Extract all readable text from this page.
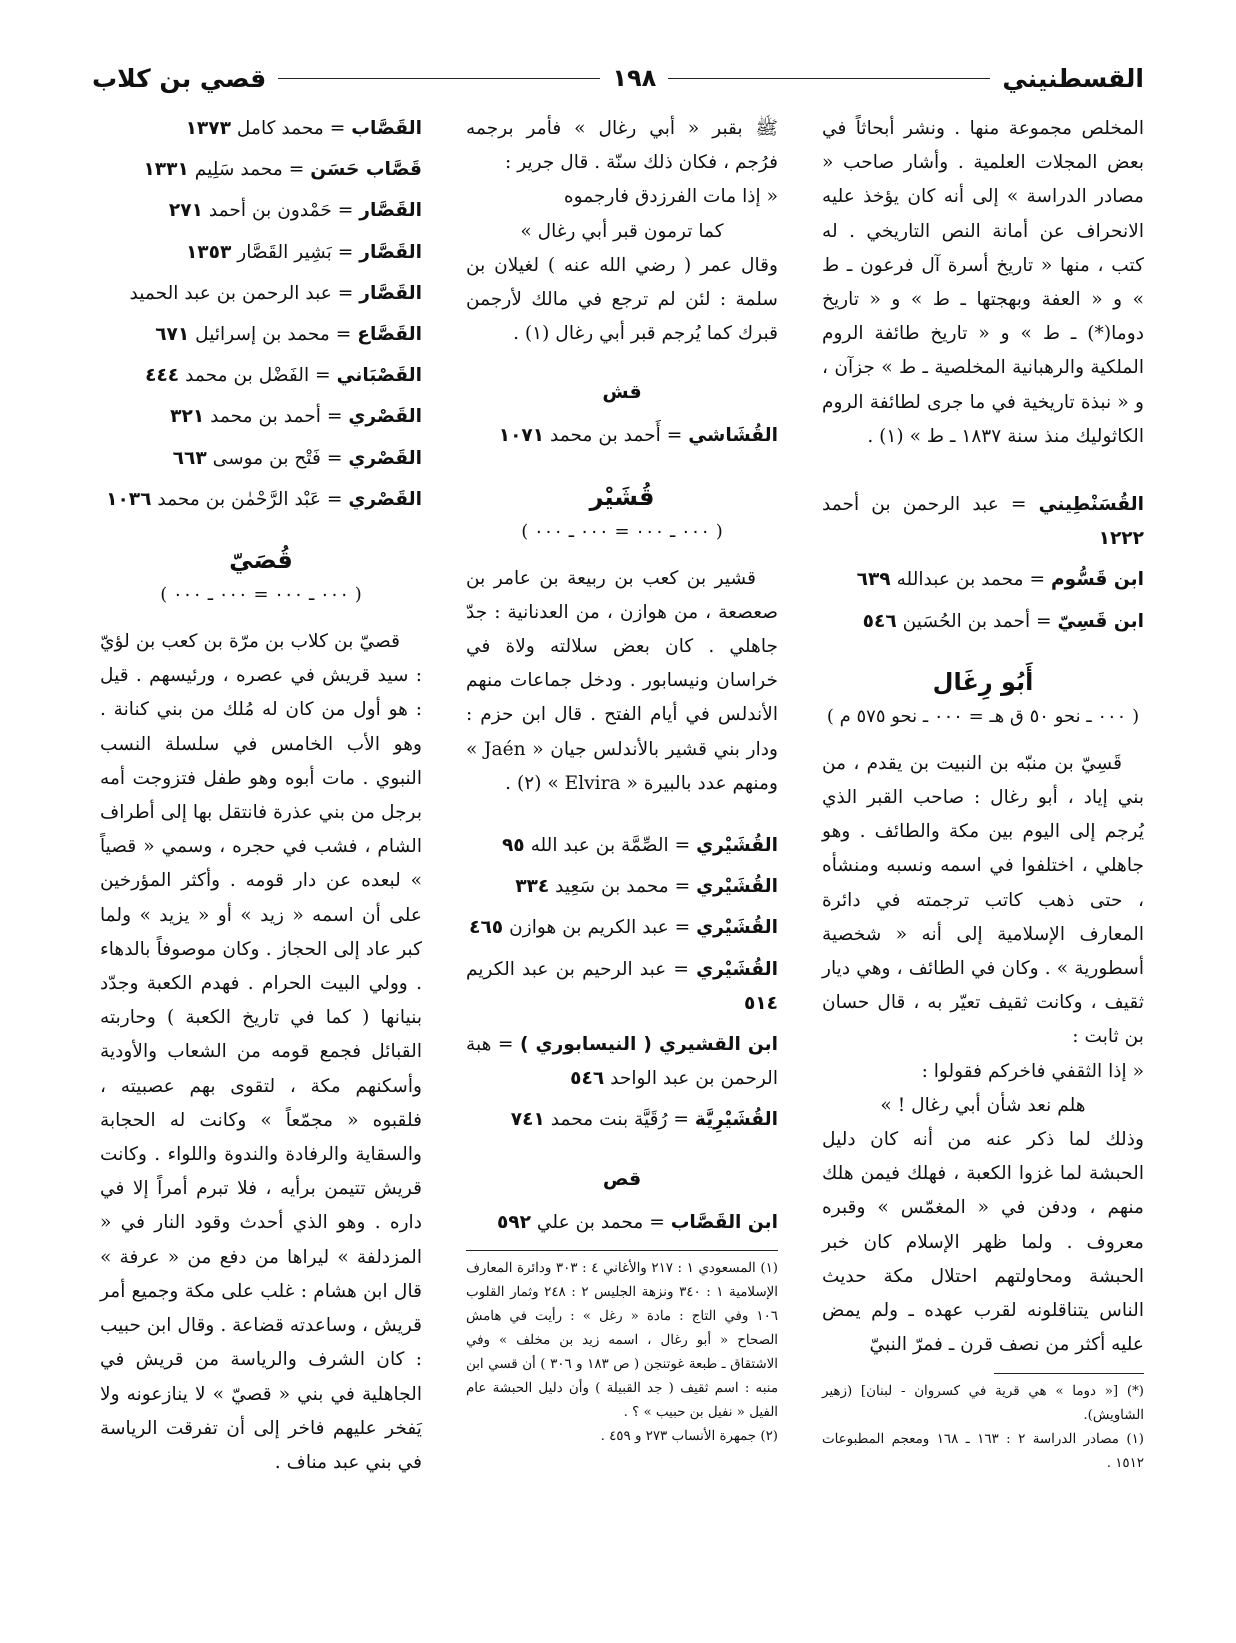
القسطنيني
١٩٨
قصي بن كلاب

المخلص مجموعة منها . ونشر أبحاثاً في بعض المجلات العلمية . وأشار صاحب « مصادر الدراسة » إلى أنه كان يؤخذ عليه الانحراف عن أمانة النص التاريخي . له كتب ، منها « تاريخ أسرة آل فرعون ـ ط » و « العفة وبهجتها ـ ط » و « تاريخ دوما(*) ـ ط » و « تاريخ طائفة الروم الملكية والرهبانية المخلصية ـ ط » جزآن ، و « نبذة تاريخية في ما جرى لطائفة الروم الكاثوليك منذ سنة ١٨٣٧ ـ ط » (١) .

القُسَنْطِيني = عبد الرحمن بن أحمد ١٢٢٢
ابن قَسُّوم = محمد بن عبدالله ٦٣٩
ابن قَسِيّ = أحمد بن الحُسَين ٥٤٦
أَبُو رِغَال
( ٠٠٠ ـ نحو ٥٠ ق هـ = ٠٠٠ ـ نحو ٥٧٥ م )

قَسِيّ بن منبّه بن النبيت بن يقدم ، من بني إياد ، أبو رغال : صاحب القبر الذي يُرجم إلى اليوم بين مكة والطائف . وهو جاهلي ، اختلفوا في اسمه ونسبه ومنشأه ، حتى ذهب كاتب ترجمته في دائرة المعارف الإسلامية إلى أنه « شخصية أسطورية » . وكان في الطائف ، وهي ديار ثقيف ، وكانت ثقيف تعيّر به ، قال حسان بن ثابت :

« إذا الثقفي فاخركم فقولوا :

هلم نعد شأن أبي رغال ! »

وذلك لما ذكر عنه من أنه كان دليل الحبشة لما غزوا الكعبة ، فهلك فيمن هلك منهم ، ودفن في « المغمّس » وقبره معروف . ولما ظهر الإسلام كان خبر الحبشة ومحاولتهم احتلال مكة حديث الناس يتناقلونه لقرب عهده ـ ولم يمض عليه أكثر من نصف قرن ـ فمرّ النبيّ

(*) [« دوما » هي قرية في كسروان - لبنان] (زهير الشاويش).

(١) مصادر الدراسة ٢ : ١٦٣ ـ ١٦٨ ومعجم المطبوعات ١٥١٢ .

ﷺ بقبر « أبي رغال » فأمر برجمه فرُجم ، فكان ذلك سنّة . قال جرير :

« إذا مات الفرزدق فارجموه

كما ترمون قبر أبي رغال »

وقال عمر ( رضي الله عنه ) لغيلان بن سلمة : لئن لم ترجع في مالك لأرجمن قبرك كما يُرجم قبر أبي رغال (١) .

قش
القُشَاشي = أَحمد بن محمد ١٠٧١
قُشَيْر
( ٠٠٠ ـ ٠٠٠ = ٠٠٠ ـ ٠٠٠ )

قشير بن كعب بن ربيعة بن عامر بن صعصعة ، من هوازن ، من العدنانية : جدّ جاهلي . كان بعض سلالته ولاة في خراسان ونيسابور . ودخل جماعات منهم الأندلس في أيام الفتح . قال ابن حزم : ودار بني قشير بالأندلس جيان « Jaén » ومنهم عدد بالبيرة « Elvira » (٢) .

القُشَيْري = الصِّمَّة بن عبد الله ٩٥
القُشَيْري = محمد بن سَعِيد ٣٣٤
القُشَيْري = عبد الكريم بن هوازن ٤٦٥
القُشَيْري = عبد الرحيم بن عبد الكريم ٥١٤
ابن القشيري ( النيسابوري ) = هبة الرحمن بن عبد الواحد ٥٤٦
القُشَيْرِيَّة = رُقَيَّة بنت محمد ٧٤١
قص
ابن القَصَّاب = محمد بن علي ٥٩٢

(١) المسعودي ١ : ٢١٧ والأغاني ٤ : ٣٠٣ ودائرة المعارف الإسلامية ١ : ٣٤٠ ونزهة الجليس ٢ : ٢٤٨ وثمار القلوب ١٠٦ وفي التاج : مادة « رغل » : رأيت في هامش الصحاح « أبو رغال ، اسمه زيد بن مخلف » وفي الاشتقاق ـ طبعة غوتنجن ( ص ١٨٣ و ٣٠٦ ) أن قسي ابن منبه : اسم ثقيف ( جد القبيلة ) وأن دليل الحبشة عام الفيل « نفيل بن حبيب » ؟ .

(٢) جمهرة الأنساب ٢٧٣ و ٤٥٩ .

القَصَّاب = محمد كامل ١٣٧٣
قَصَّاب حَسَن = محمد سَلِيم ١٣٣١
القَصَّار = حَمْدون بن أحمد ٢٧١
القَصَّار = بَشِير القَصَّار ١٣٥٣
القَصَّار = عبد الرحمن بن عبد الحميد
القَصَّاع = محمد بن إسرائيل ٦٧١
القَصْبَاني = الفَضْل بن محمد ٤٤٤
القَصْري = أحمد بن محمد ٣٢١
القَصْري = فَتْح بن موسى ٦٦٣
القَصْري = عَبْد الرَّحْمٰن بن محمد ١٠٣٦
قُصَيّ
( ٠٠٠ ـ ٠٠٠ = ٠٠٠ ـ ٠٠٠ )

قصيّ بن كلاب بن مرّة بن كعب بن لؤيّ : سيد قريش في عصره ، ورئيسهم . قيل : هو أول من كان له مُلك من بني كنانة . وهو الأب الخامس في سلسلة النسب النبوي . مات أبوه وهو طفل فتزوجت أمه برجل من بني عذرة فانتقل بها إلى أطراف الشام ، فشب في حجره ، وسمي « قصياً » لبعده عن دار قومه . وأكثر المؤرخين على أن اسمه « زيد » أو « يزيد » ولما كبر عاد إلى الحجاز . وكان موصوفاً بالدهاء . وولي البيت الحرام . فهدم الكعبة وجدّد بنيانها ( كما في تاريخ الكعبة ) وحاربته القبائل فجمع قومه من الشعاب والأودية وأسكنهم مكة ، لتقوى بهم عصبيته ، فلقبوه « مجمّعاً » وكانت له الحجابة والسقاية والرفادة والندوة واللواء . وكانت قريش تتيمن برأيه ، فلا تبرم أمراً إلا في داره . وهو الذي أحدث وقود النار في « المزدلفة » ليراها من دفع من « عرفة » قال ابن هشام : غلب على مكة وجميع أمر قريش ، وساعدته قضاعة . وقال ابن حبيب : كان الشرف والرياسة من قريش في الجاهلية في بني « قصيّ » لا ينازعونه ولا يَفخر عليهم فاخر إلى أن تفرقت الرياسة في بني عبد مناف .
